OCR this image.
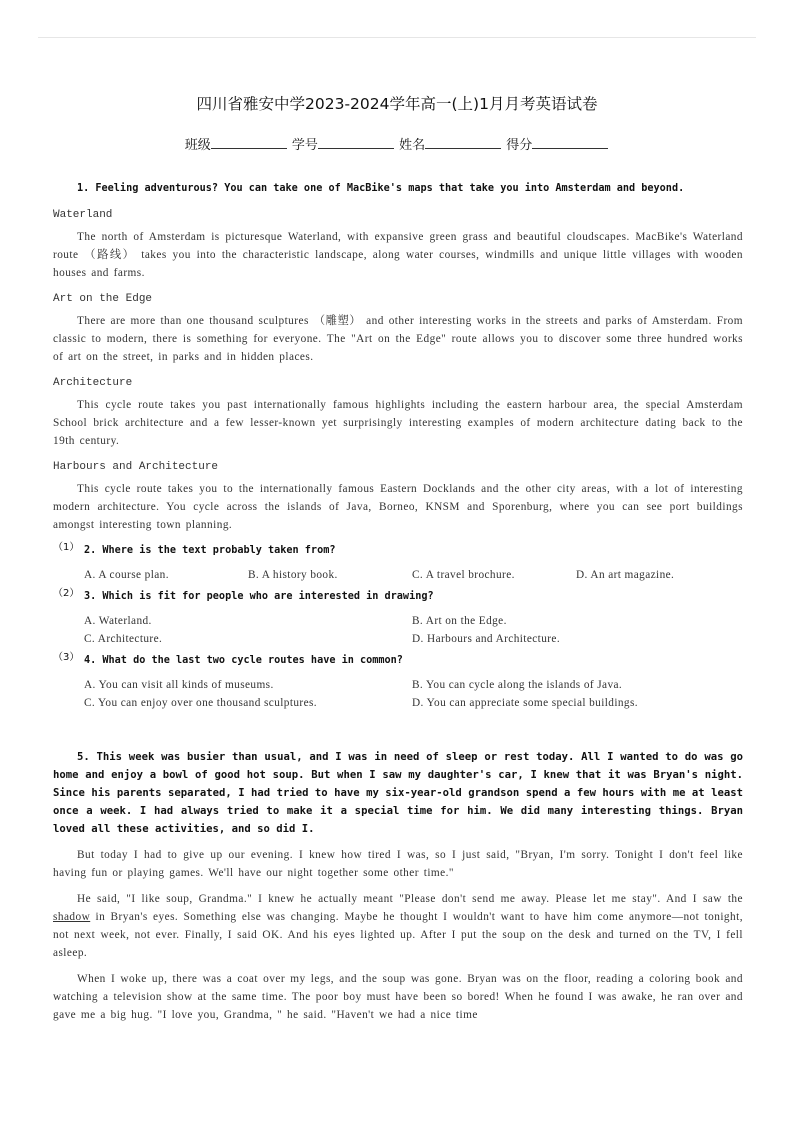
四川省雅安中学2023-2024学年高一(上)1月月考英语试卷
班级	学号	姓名	得分

1. Feeling adventurous? You can take one of MacBike's maps that take you into Amsterdam and beyond.

Waterland

The north of Amsterdam is picturesque Waterland, with expansive green grass and beautiful cloudscapes. MacBike's Waterland route （路线） takes you into the characteristic landscape, along water courses, windmills and unique little villages with wooden houses and farms.

Art on the Edge

There are more than one thousand sculptures （雕塑） and other interesting works in the streets and parks of Amsterdam. From classic to modern, there is something for everyone. The "Art on the Edge" route allows you to discover some three hundred works of art on the street, in parks and in hidden places.

Architecture

This cycle route takes you past internationally famous highlights including the eastern harbour area, the special Amsterdam School brick architecture and a few lesser-known yet surprisingly interesting examples of modern architecture dating back to the 19th century.

Harbours and Architecture

This cycle route takes you to the internationally famous Eastern Docklands and the other city areas, with a lot of interesting modern architecture. You cycle across the islands of Java, Borneo, KNSM and Sporenburg, where you can see port buildings amongst interesting town planning.

（1） 2. Where is the text probably taken from?

A. A course plan.	B. A history book.	C. A travel brochure.	D. An art magazine.
（2） 3. Which is fit for people who are interested in drawing?

A. Waterland.	B. Art on the Edge.
C. Architecture.	D. Harbours and Architecture.
（3） 4. What do the last two cycle routes have in common?

A. You can visit all kinds of museums.	B. You can cycle along the islands of Java.
C. You can enjoy over one thousand sculptures.	D. You can appreciate some special buildings.

5. This week was busier than usual, and I was in need of sleep or rest today. All I wanted to do was go home and enjoy a bowl of good hot soup. But when I saw my daughter's car, I knew that it was Bryan's night. Since his parents separated, I had tried to have my six-year-old grandson spend a few hours with me at least once a week. I had always tried to make it a special time for him. We did many interesting things. Bryan loved all these activities, and so did I.

But today I had to give up our evening. I knew how tired I was, so I just said, "Bryan, I'm sorry. Tonight I don't feel like having fun or playing games. We'll have our night together some other time."

He said, "I like soup, Grandma." I knew he actually meant "Please don't send me away. Please let me stay". And I saw the shadow in Bryan's eyes. Something else was changing. Maybe he thought I wouldn't want to have him come anymore—not tonight, not next week, not ever. Finally, I said OK. And his eyes lighted up. After I put the soup on the desk and turned on the TV, I fell asleep.

When I woke up, there was a coat over my legs, and the soup was gone. Bryan was on the floor, reading a coloring book and watching a television show at the same time. The poor boy must have been so bored! When he found I was awake, he ran over and gave me a big hug. "I love you, Grandma, " he said. "Haven't we had a nice time
